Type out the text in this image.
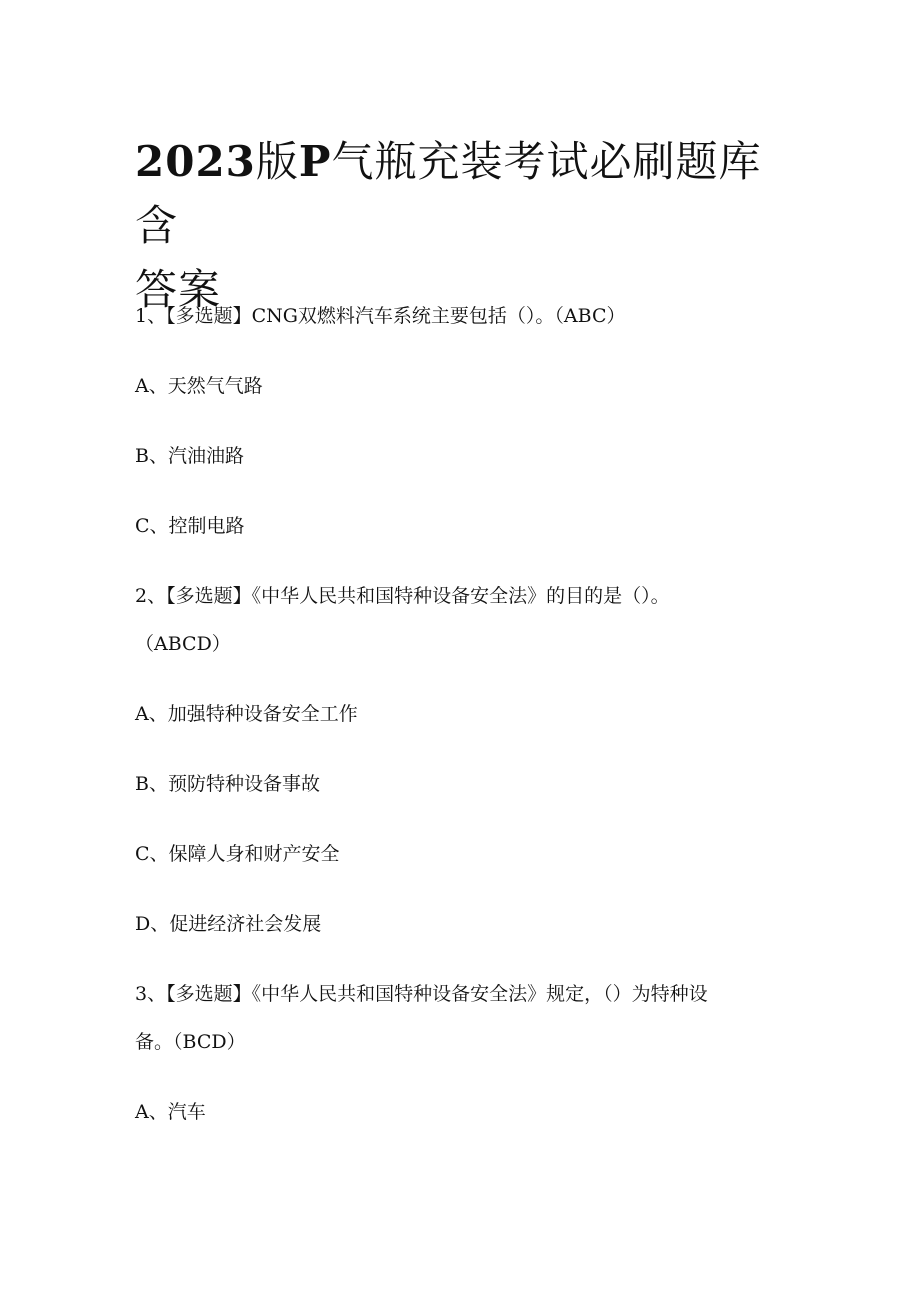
2023版P气瓶充装考试必刷题库含
答案

1、【多选题】CNG双燃料汽车系统主要包括（）。（ABC）

A、天然气气路

B、汽油油路

C、控制电路

2、【多选题】《中华人民共和国特种设备安全法》的目的是（）。

（ABCD）

A、加强特种设备安全工作

B、预防特种设备事故

C、保障人身和财产安全

D、促进经济社会发展

3、【多选题】《中华人民共和国特种设备安全法》规定，（）为特种设

备。（BCD）

A、汽车
